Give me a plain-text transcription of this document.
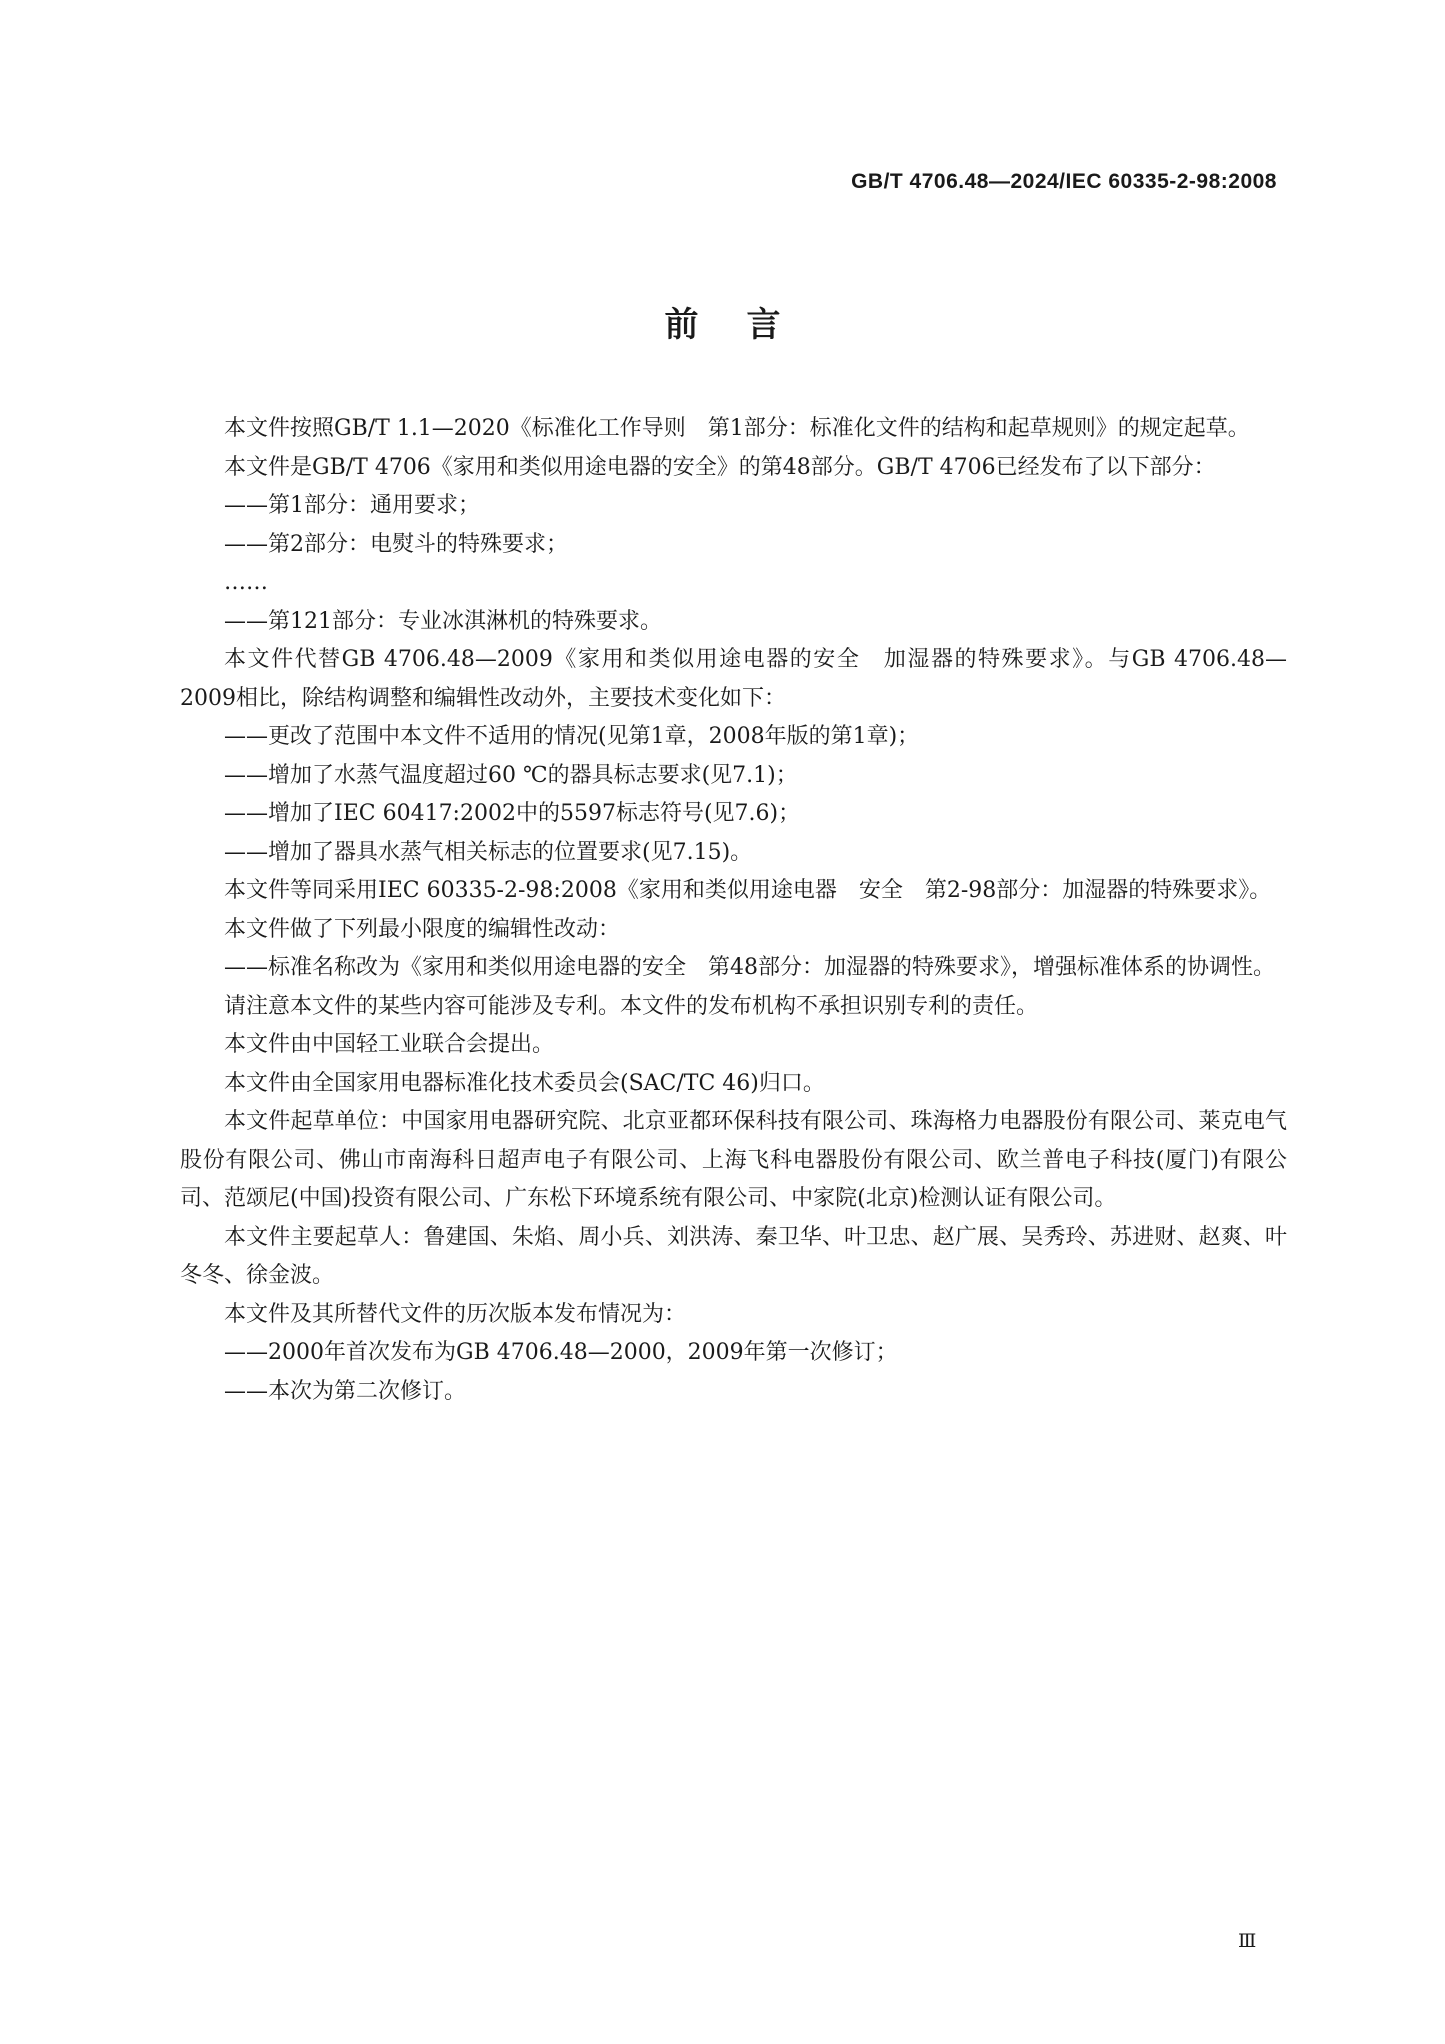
GB/T 4706.48—2024/IEC 60335-2-98:2008
前言

本文件按照GB/T 1.1—2020《标准化工作导则　第1部分：标准化文件的结构和起草规则》的规定起草。

本文件是GB/T 4706《家用和类似用途电器的安全》的第48部分。GB/T 4706已经发布了以下部分：

—— 第1部分：通用要求；
—— 第2部分：电熨斗的特殊要求；

……

—— 第121部分：专业冰淇淋机的特殊要求。

本文件代替GB 4706.48—2009《家用和类似用途电器的安全　加湿器的特殊要求》。与GB 4706.48—2009相比，除结构调整和编辑性改动外，主要技术变化如下：

—— 更改了范围中本文件不适用的情况(见第1章，2008年版的第1章)；
—— 增加了水蒸气温度超过60 ℃的器具标志要求(见7.1)；
—— 增加了IEC 60417:2002中的5597标志符号(见7.6)；
—— 增加了器具水蒸气相关标志的位置要求(见7.15)。

本文件等同采用IEC 60335-2-98:2008《家用和类似用途电器　安全　第2-98部分：加湿器的特殊要求》。

本文件做了下列最小限度的编辑性改动：

—— 标准名称改为《家用和类似用途电器的安全　第48部分：加湿器的特殊要求》，增强标准体系的协调性。

请注意本文件的某些内容可能涉及专利。本文件的发布机构不承担识别专利的责任。

本文件由中国轻工业联合会提出。

本文件由全国家用电器标准化技术委员会(SAC/TC 46)归口。

本文件起草单位：中国家用电器研究院、北京亚都环保科技有限公司、珠海格力电器股份有限公司、莱克电气股份有限公司、佛山市南海科日超声电子有限公司、上海飞科电器股份有限公司、欧兰普电子科技(厦门)有限公司、范颂尼(中国)投资有限公司、广东松下环境系统有限公司、中家院(北京)检测认证有限公司。

本文件主要起草人：鲁建国、朱焰、周小兵、刘洪涛、秦卫华、叶卫忠、赵广展、吴秀玲、苏进财、赵爽、叶冬冬、徐金波。

本文件及其所替代文件的历次版本发布情况为：

—— 2000年首次发布为GB 4706.48—2000，2009年第一次修订；
—— 本次为第二次修订。
Ⅲ
